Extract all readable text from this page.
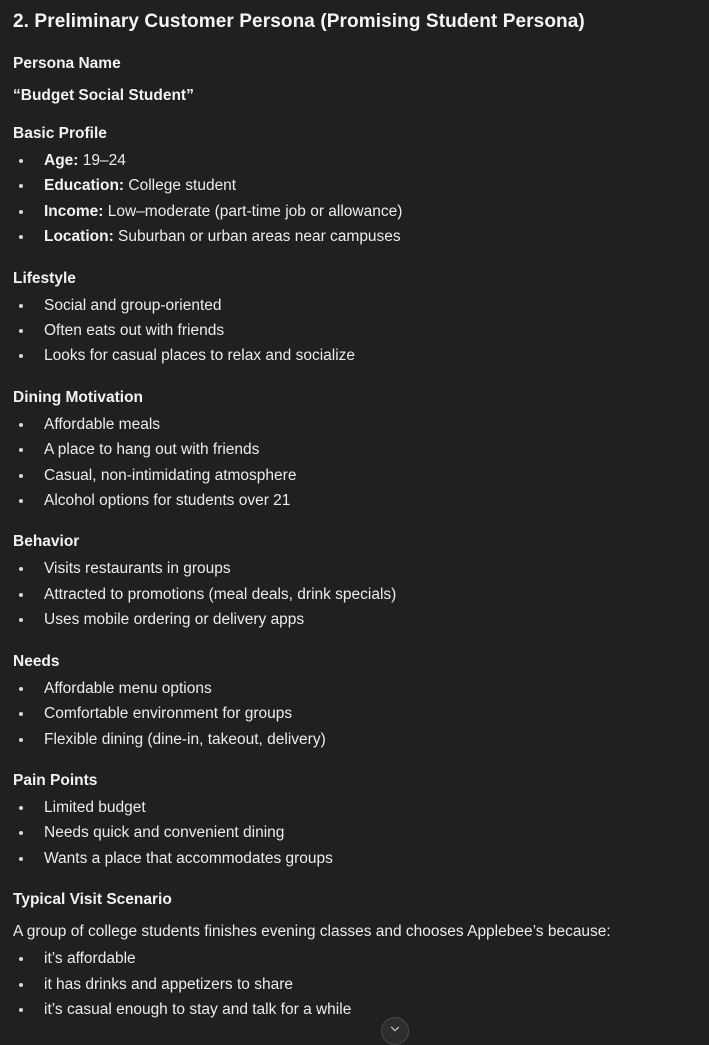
2. Preliminary Customer Persona (Promising Student Persona)

Persona Name

“Budget Social Student”

Basic Profile

Age: 19–24
Education: College student
Income: Low–moderate (part-time job or allowance)
Location: Suburban or urban areas near campuses

Lifestyle

Social and group-oriented
Often eats out with friends
Looks for casual places to relax and socialize

Dining Motivation

Affordable meals
A place to hang out with friends
Casual, non-intimidating atmosphere
Alcohol options for students over 21

Behavior

Visits restaurants in groups
Attracted to promotions (meal deals, drink specials)
Uses mobile ordering or delivery apps

Needs

Affordable menu options
Comfortable environment for groups
Flexible dining (dine-in, takeout, delivery)

Pain Points

Limited budget
Needs quick and convenient dining
Wants a place that accommodates groups

Typical Visit Scenario

A group of college students finishes evening classes and chooses Applebee’s because:

it’s affordable
it has drinks and appetizers to share
it’s casual enough to stay and talk for a while
